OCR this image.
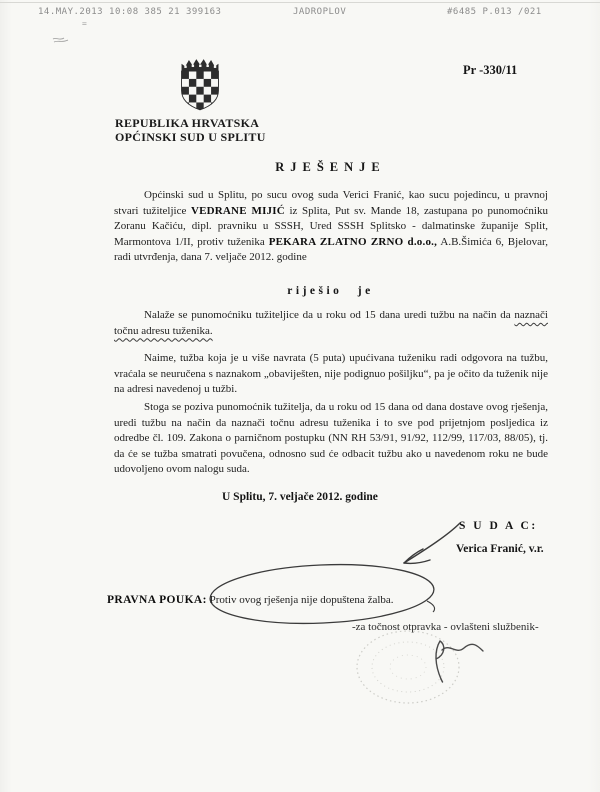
14.MAY.2013 10:08 385 21 399163	JADROPLOV	#6485 P.013 /021
=
Pr -330/11
REPUBLIKA HRVATSKA
OPĆINSKI SUD U SPLITU
RJEŠENJE
Općinski sud u Splitu, po sucu ovog suda Verici Franić, kao sucu pojedincu, u pravnoj stvari tužiteljice VEDRANE MIJIĆ iz Splita, Put sv. Mande 18, zastupana po punomoćniku Zoranu Kačiću, dipl. pravniku u SSSH, Ured SSSH Splitsko - dalmatinske županije Split, Marmontova 1/II, protiv tuženika PEKARA ZLATNO ZRNO d.o.o., A.B.Šimića 6, Bjelovar, radi utvrđenja, dana 7. veljače 2012. godine
riješio je
Nalaže se punomoćniku tužiteljice da u roku od 15 dana uredi tužbu na način da naznači točnu adresu tuženika.
Naime, tužba koja je u više navrata (5 puta) upućivana tuženiku radi odgovora na tužbu, vraćala se neuručena s naznakom „obaviješten, nije podignuo pošiljku“, pa je očito da tuženik nije na adresi navedenoj u tužbi.
Stoga se poziva punomoćnik tužitelja, da u roku od 15 dana od dana dostave ovog rješenja, uredi tužbu na način da naznači točnu adresu tuženika i to sve pod prijetnjom posljedica iz odredbe čl. 109. Zakona o parničnom postupku (NN RH 53/91, 91/92, 112/99, 117/03, 88/05), tj. da će se tužba smatrati povučena, odnosno sud će odbacit tužbu ako u navedenom roku ne bude udovoljeno ovom nalogu suda.
U Splitu, 7. veljače 2012. godine
S U D A C:
Verica Franić, v.r.
PRAVNA POUKA: Protiv ovog rješenja nije dopuštena žalba.
-za točnost otpravka - ovlašteni službenik-
